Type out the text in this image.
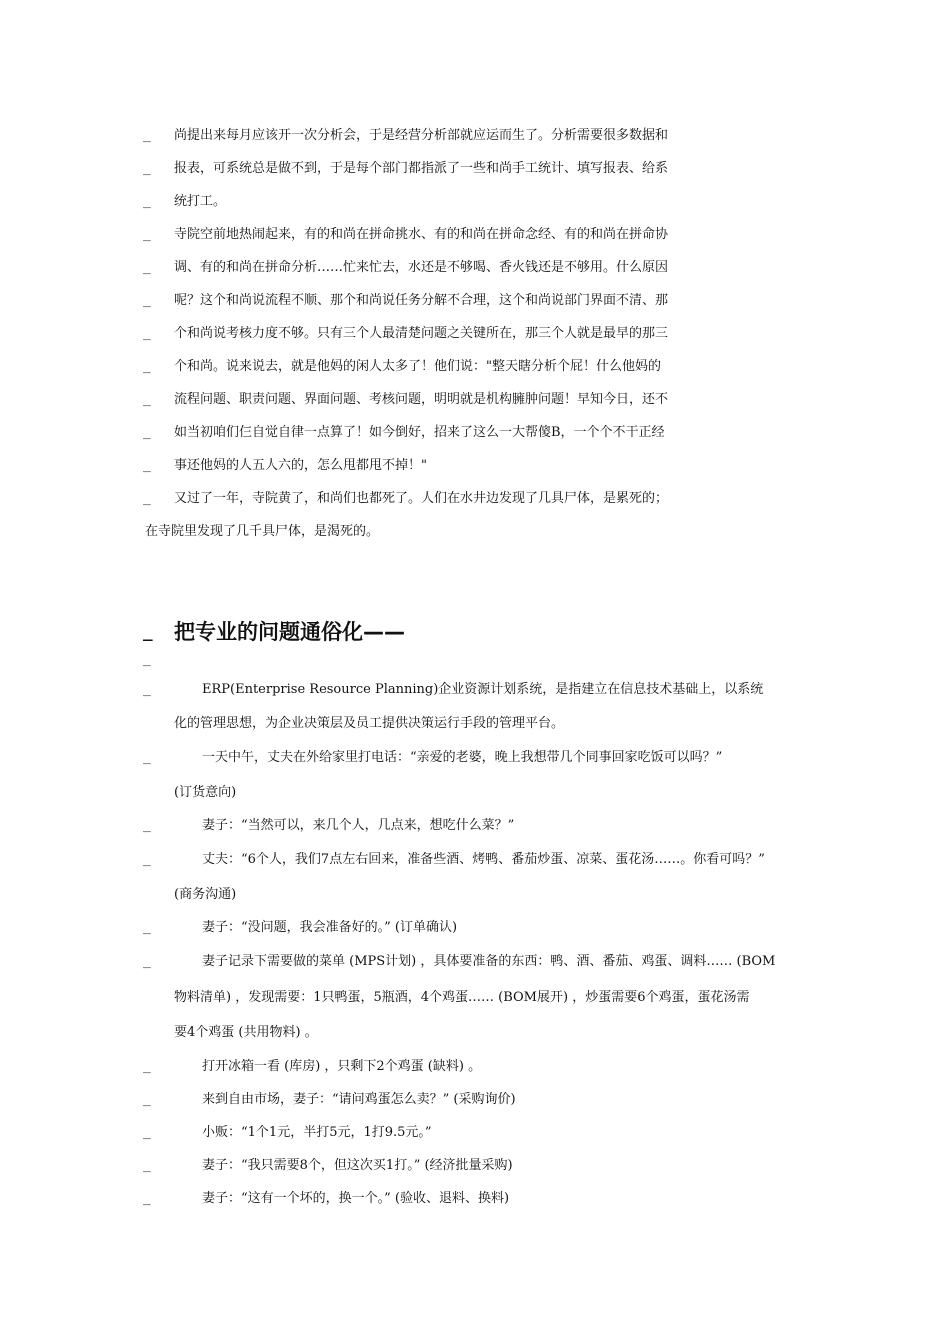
_ 尚提出来每月应该开一次分析会，于是经营分析部就应运而生了。分析需要很多数据和
_ 报表，可系统总是做不到，于是每个部门都指派了一些和尚手工统计、填写报表、给系
_ 统打工。
_ 寺院空前地热闹起来，有的和尚在拼命挑水、有的和尚在拼命念经、有的和尚在拼命协
_ 调、有的和尚在拼命分析……忙来忙去，水还是不够喝、香火钱还是不够用。什么原因
_ 呢？这个和尚说流程不顺、那个和尚说任务分解不合理，这个和尚说部门界面不清、那
_ 个和尚说考核力度不够。只有三个人最清楚问题之关键所在，那三个人就是最早的那三
_ 个和尚。说来说去，就是他妈的闲人太多了！他们说："整天瞎分析个屁！什么他妈的
_ 流程问题、职责问题、界面问题、考核问题，明明就是机构臃肿问题！早知今日，还不
_ 如当初咱们仨自觉自律一点算了！如今倒好，招来了这么一大帮傻B，一个个不干正经
_ 事还他妈的人五人六的，怎么甩都甩不掉！"
_ 又过了一年，寺院黄了，和尚们也都死了。人们在水井边发现了几具尸体，是累死的；
在寺院里发现了几千具尸体，是渴死的。
_ 把专业的问题通俗化——
_
_	ERP(Enterprise Resource Planning)企业资源计划系统，是指建立在信息技术基础上，以系统
化的管理思想，为企业决策层及员工提供决策运行手段的管理平台。
_	一天中午，丈夫在外给家里打电话：“亲爱的老婆，晚上我想带几个同事回家吃饭可以吗？”
(订货意向)
_	妻子：“当然可以，来几个人，几点来，想吃什么菜？”
_	丈夫：“6个人，我们7点左右回来，准备些酒、烤鸭、番茄炒蛋、凉菜、蛋花汤……。你看可吗？”
(商务沟通)
_	妻子：“没问题，我会准备好的。” (订单确认)
_	妻子记录下需要做的菜单 (MPS计划) ，具体要准备的东西：鸭、酒、番茄、鸡蛋、调料…… (BOM
物料清单) ，发现需要：1只鸭蛋，5瓶酒，4个鸡蛋…… (BOM展开) ，炒蛋需要6个鸡蛋，蛋花汤需
要4个鸡蛋 (共用物料) 。
_	打开冰箱一看 (库房) ，只剩下2个鸡蛋 (缺料) 。
_	来到自由市场，妻子：“请问鸡蛋怎么卖？” (采购询价)
_	小贩：“1个1元，半打5元，1打9.5元。”
_	妻子：“我只需要8个，但这次买1打。” (经济批量采购)
_	妻子：“这有一个坏的，换一个。” (验收、退料、换料)
